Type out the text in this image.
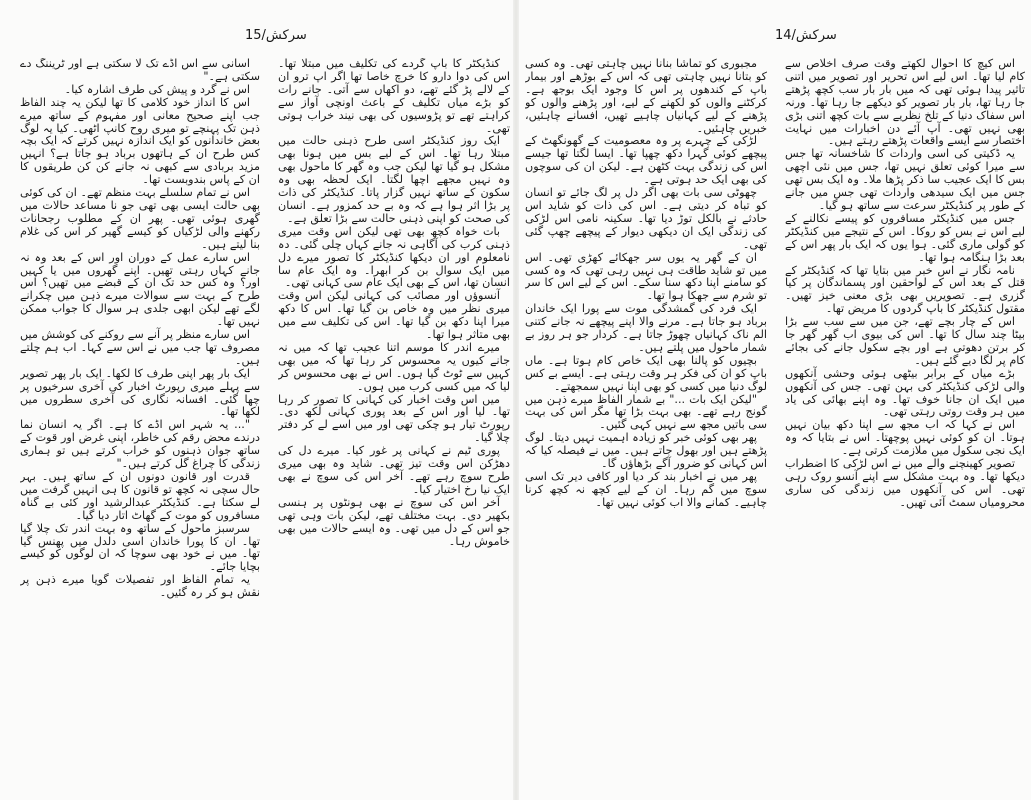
سرکش/15

کنڈیکٹر کا باپ گردے کی تکلیف میں مبتلا تھا۔ اس کی دوا دارو کا خرچ خاصا تھا اگر اپ ترو ان کے لالے پڑ گئے تھے، دو اکھاں سے آتی۔ جانے رات کو بڑے میاں تکلیف کے باعث اونچی آواز سے کراہتے تھے تو پڑوسیوں کی بھی نیند خراب ہوتی تھی۔

ایک روز کنڈیکٹر اسی طرح ذہنی حالت میں مبتلا رہا تھا۔ اس کے لیے بس میں ہونا بھی مشکل ہو گیا تھا لیکن جب وہ گھر کا ماحول بھی وہ نہیں مجھے اچھا لگتا۔ ایک لحظہ بھی وہ سکون کے ساتھ نہیں گزار پاتا۔ کنڈیکٹر کی ذات پر بڑا اثر ہوا ہے کہ وہ بے حد کمزور ہے۔ انسان کی صحت کو اپنی ذہنی حالت سے بڑا تعلق ہے۔

بات خواہ کچھ بھی تھی لیکن اس وقت میری ذہنی کرب کی آگاہی نہ جانے کہاں چلی گئی۔ دہ نامعلوم اور ان دیکھا کنڈیکٹر کا تصور میرے دل میں ایک سوال بن کر ابھرا۔ وہ ایک عام سا انسان تھا، اس کے بھی ایک عام سی کہانی تھی۔

آنسوؤں اور مصائب کی کہانی لیکن اس وقت میری نظر میں وہ خاص بن گیا تھا۔ اس کا دکھ میرا اپنا دکھ بن گیا تھا۔ اس کی تکلیف سے میں بھی متاثر ہوا تھا۔

میرے اندر کا موسم اتنا عجیب تھا کہ میں نہ جانے کیوں یہ محسوس کر رہا تھا کہ میں بھی کہیں سے ٹوٹ گیا ہوں۔ اس نے بھی محسوس کر لیا کہ میں کسی کرب میں ہوں۔

میں اس وقت اخبار کی کہانی کا تصور کر رہا تھا۔ لیا اور اس کے بعد پوری کہانی لکھ دی۔ رپورٹ تیار ہو چکی تھی اور میں اسے لے کر دفتر چلا گیا۔

پوری ٹیم نے کہانی پر غور کیا۔ میرے دل کی دھڑکن اس وقت تیز تھی۔ شاید وہ بھی میری طرح سوچ رہے تھے۔ آخر اس کی سوچ نے بھی ایک نیا رخ اختیار کیا۔

آخر اس کی سوچ نے بھی ہونٹوں پر ہنسی بکھیر دی۔ بہت مختلف تھے، لیکن بات وہی تھی جو اس کے دل میں تھی۔ وہ ایسے حالات میں بھی خاموش رہا۔

آسانی سے اس اڈے تک لا سکتی ہے اور ٹریننگ دے سکتی ہے۔"

اس نے گرد و پیش کی طرف اشارہ کیا۔

اس کا انداز خود کلامی کا تھا لیکن یہ چند الفاظ جب اپنے صحیح معانی اور مفہوم کے ساتھ میرے ذہن تک پہنچے تو میری روح کانپ اٹھی۔ کیا یہ لوگ بعض خاندانوں کو ایک اندازہ نہیں کرتے کہ ایک بچہ کس طرح ان کے ہاتھوں برباد ہو جاتا ہے؟ انہیں مزید بربادی سے کبھی نہ جانے کن کن طریقوں کا ان کے پاس بندوبست تھا۔

اس نے تمام سلسلے بہت منظم تھے۔ ان کی کوئی بھی حالت ایسی بھی تھی جو نا مساعد حالات میں گھری ہوئی تھی۔ پھر ان کے مطلوب رجحانات رکھنے والی لڑکیاں کو کیسے گھیر کر اس کی غلام بنا لیتے ہیں۔

اس سارے عمل کے دوران اور اس کے بعد وہ نہ جانے کہاں رہتی تھیں۔ اپنے گھروں میں یا کہیں اور؟ وہ کس حد تک ان کے قبضے میں تھیں؟ اس طرح کے بہت سے سوالات میرے ذہن میں چکرانے لگے تھے لیکن ابھی جلدی ہر سوال کا جواب ممکن نہیں تھا۔

اس سارے منظر پر آنے سے روکنے کی کوشش میں مصروف تھا جب میں نے اس سے کہا۔ اب ہم چلتے ہیں۔

ایک بار پھر اپنی طرف کا لکھا۔ ایک بار پھر تصویر سے پہلے میری رپورٹ اخبار کی آخری سرخیوں پر چھا گئی۔ افسانہ نگاری کی آخری سطروں میں لکھا تھا۔

"... یہ شہر اس اڈے کا ہے۔ اگر یہ انسان نما درندے محض رقم کی خاطر، اپنی غرض اور قوت کے ساتھ جوان ذہنوں کو خراب کرتے ہیں تو ہماری زندگی کا چراغ گل کرتے ہیں۔"

قدرت اور قانون دونوں ان کے ساتھ ہیں۔ بہر حال سچی نہ کچھ تو قانون کا ہی انہیں گرفت میں لے سکتا ہے۔ کنڈیکٹر عبدالرشید اور کئی بے گناہ مسافروں کو موت کے گھاٹ اتار دیا گیا۔

سرسبز ماحول کے ساتھ وہ بہت اندر تک چلا گیا تھا۔ ان کا پورا خاندان اسی دلدل میں پھنس گیا تھا۔ میں نے خود بھی سوچا کہ ان لوگوں کو کیسے بچایا جائے۔

یہ تمام الفاظ اور تفصیلات گویا میرے ذہن پر نقش ہو کر رہ گئیں۔

سرکش/14

اس کیچ کا احوال لکھتے وقت صرف اخلاص سے کام لیا تھا۔ اس لیے اس تحریر اور تصویر میں اتنی تاثیر پیدا ہوئی تھی کہ میں بار بار سب کچھ پڑھتے جا رہا تھا، بار بار تصویر کو دیکھے جا رہا تھا۔ ورنہ اس سفاک دنیا کے تلخ نظریے سے بات کچھ اتنی بڑی بھی نہیں تھی۔ آپ آئے دن اخبارات میں نہایت اختصار سے ایسے واقعات پڑھتے رہتے ہیں۔

یہ ڈکیتی کی اسی واردات کا شاخسانہ تھا جس سے میرا کوئی تعلق نہیں تھا، جس میں نئی اچھی بس کا ایک عجیب سا ذکر پڑھا ملا۔ وہ ایک بس تھی جس میں ایک سیدھی واردات تھی جس میں جانے کے طور پر کنڈیکٹر سرعت سے ساتھ ہو گیا۔

جس میں کنڈیکٹر مسافروں کو پیسے نکالنے کے لیے اس نے بس کو روکا۔ اس کے نتیجے میں کنڈیکٹر کو گولی ماری گئی۔ ہوا یوں کہ ایک بار پھر اس کے بعد بڑا ہنگامہ ہوا تھا۔

نامہ نگار نے اس خبر میں بتایا تھا کہ کنڈیکٹر کے قتل کے بعد اس کے لواحقین اور پسماندگان پر کیا گزری ہے۔ تصویریں بھی بڑی معنی خیز تھیں۔ مقتول کنڈیکٹر کا باپ گردوں کا مریض تھا۔

اس کے چار بچے تھے، جن میں سے سب سے بڑا بیٹا چند سال کا تھا۔ اس کی بیوی اب گھر گھر جا کر برتن دھوتی ہے اور بچے سکول جانے کی بجائے کام پر لگا دیے گئے ہیں۔

بڑے میاں کے برابر بیٹھی ہوئی وحشی آنکھوں والی لڑکی کنڈیکٹر کی بہن تھی۔ جس کی آنکھوں میں ایک ان جانا خوف تھا۔ وہ اپنے بھائی کی یاد میں ہر وقت روتی رہتی تھی۔

اس نے کہا کہ اب مجھ سے اپنا دکھ بیان نہیں ہوتا۔ ان کو کوئی نہیں پوچھتا۔ اس نے بتایا کہ وہ ایک نجی سکول میں ملازمت کرتی ہے۔

تصویر کھینچنے والے میں نے اس لڑکی کا اضطراب دیکھا تھا۔ وہ بہت مشکل سے اپنے آنسو روک رہی تھی۔ اس کی آنکھوں میں زندگی کی ساری محرومیاں سمٹ آئی تھیں۔

مجبوری کو تماشا بنانا نہیں چاہتی تھی۔ وہ کسی کو بتانا نہیں چاہتی تھی کہ اس کے بوڑھے اور بیمار باپ کے کندھوں پر اس کا وجود ایک بوجھ ہے۔ کرکٹنے والوں کو لکھنے کے لیے، اور پڑھنے والوں کو پڑھنے کے لیے کہانیاں چاہیے تھیں، افسانے چاہئیں، خبریں چاہئیں۔

لڑکی کے چہرے پر وہ معصومیت کے گھونگھٹ کے پیچھے کوئی گہرا دکھ چھپا تھا۔ ایسا لگتا تھا جیسے اس کی زندگی بہت کٹھن ہے۔ لیکن ان کی سوچوں کی بھی ایک حد ہوتی ہے۔

چھوٹی سی بات بھی اگر دل پر لگ جائے تو انسان کو تباہ کر دیتی ہے۔ اس کی ذات کو شاید اس حادثے نے بالکل توڑ دیا تھا۔ سکینہ نامی اس لڑکی کی زندگی ایک ان دیکھی دیوار کے پیچھے چھپ گئی تھی۔

ان کے گھر یہ یوں سر جھکائے کھڑی تھی۔ اس میں تو شاید طاقت ہی نہیں رہی تھی کہ وہ کسی کو سامنے اپنا دکھ سنا سکے۔ اس کے لیے اس کا سر تو شرم سے جھکا ہوا تھا۔

ایک فرد کی گمشدگی موت سے پورا ایک خاندان برباد ہو جاتا ہے۔ مرنے والا اپنے پیچھے نہ جانے کتنی الم ناک کہانیاں چھوڑ جاتا ہے۔ کردار جو ہر روز بے شمار ماحول میں پلتے ہیں۔

بچیوں کو پالنا بھی ایک خاص کام ہوتا ہے۔ ماں باپ کو ان کی فکر ہر وقت رہتی ہے۔ ایسے بے کس لوگ دنیا میں کسی کو بھی اپنا نہیں سمجھتے۔

"لیکن ایک بات ..." بے شمار الفاظ میرے ذہن میں گونج رہے تھے۔ بھی بہت بڑا تھا مگر اس کی بہت سی باتیں مجھ سے نہیں کہی گئیں۔

پھر بھی کوئی خبر کو زیادہ اہمیت نہیں دیتا۔ لوگ پڑھتے ہیں اور بھول جاتے ہیں۔ میں نے فیصلہ کیا کہ اس کہانی کو ضرور آگے بڑھاؤں گا۔

پھر میں نے اخبار بند کر دیا اور کافی دیر تک اسی سوچ میں گم رہا۔ ان کے لیے کچھ نہ کچھ کرنا چاہیے۔ کمانے والا اب کوئی نہیں تھا۔
